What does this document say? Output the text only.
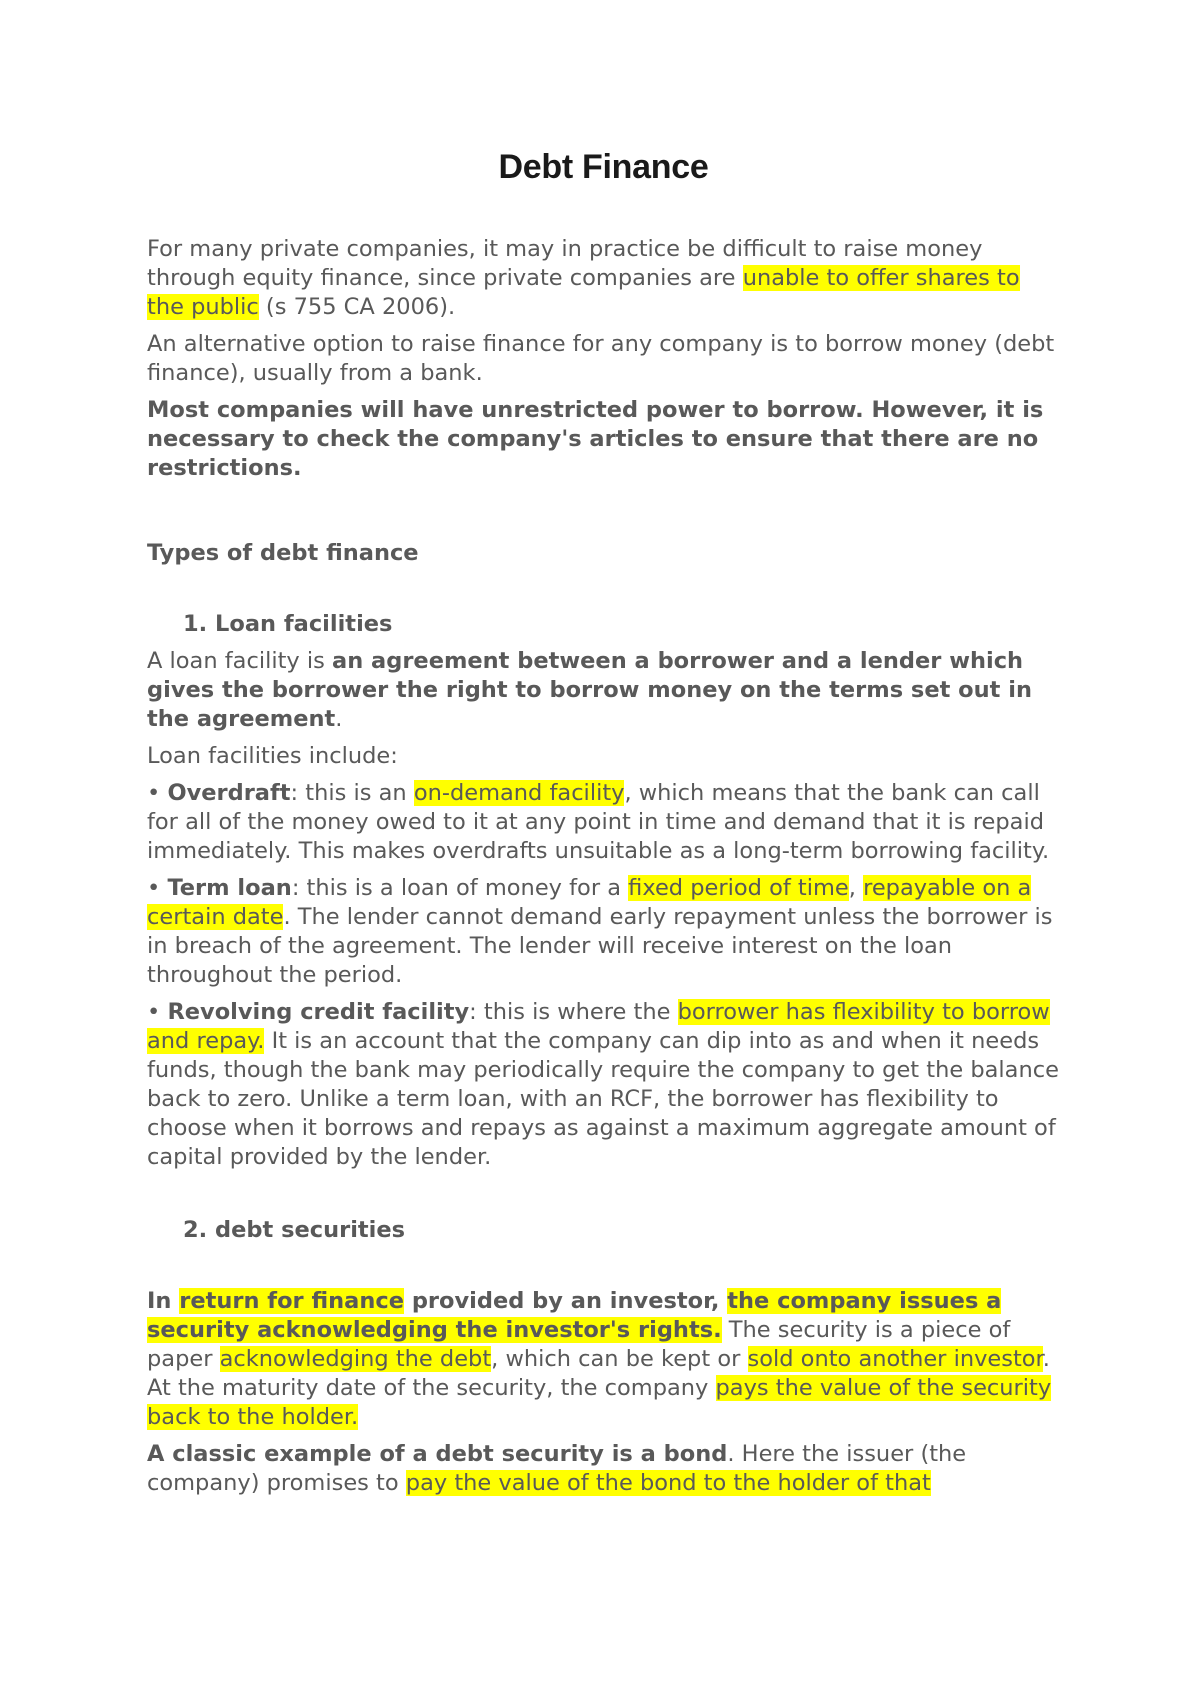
Debt Finance

For many private companies, it may in practice be difficult to raise money through equity finance, since private companies are unable to offer shares to the public (s 755 CA 2006).

An alternative option to raise finance for any company is to borrow money (debt finance), usually from a bank.

Most companies will have unrestricted power to borrow. However, it is necessary to check the company's articles to ensure that there are no restrictions.

Types of debt finance
1. Loan facilities

A loan facility is an agreement between a borrower and a lender which gives the borrower the right to borrow money on the terms set out in the agreement.

Loan facilities include:

• Overdraft: this is an on-demand facility, which means that the bank can call for all of the money owed to it at any point in time and demand that it is repaid immediately. This makes overdrafts unsuitable as a long-term borrowing facility.

• Term loan: this is a loan of money for a fixed period of time, repayable on a certain date. The lender cannot demand early repayment unless the borrower is in breach of the agreement. The lender will receive interest on the loan throughout the period.

• Revolving credit facility: this is where the borrower has flexibility to borrow and repay. It is an account that the company can dip into as and when it needs funds, though the bank may periodically require the company to get the balance back to zero. Unlike a term loan, with an RCF, the borrower has flexibility to choose when it borrows and repays as against a maximum aggregate amount of capital provided by the lender.

2. debt securities

In return for finance provided by an investor, the company issues a security acknowledging the investor's rights. The security is a piece of paper acknowledging the debt, which can be kept or sold onto another investor. At the maturity date of the security, the company pays the value of the security back to the holder.

A classic example of a debt security is a bond. Here the issuer (the company) promises to pay the value of the bond to the holder of that
